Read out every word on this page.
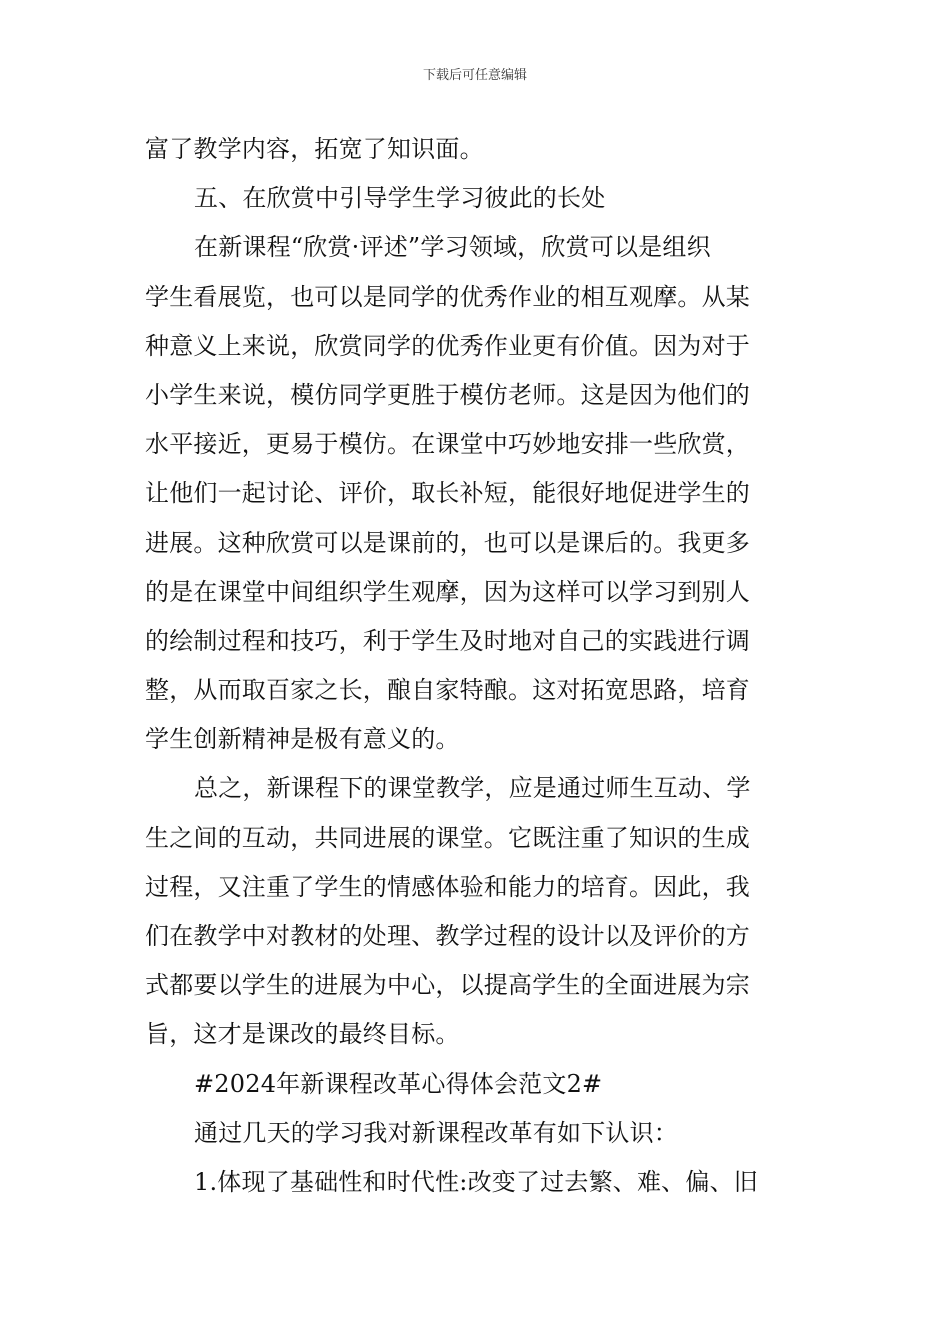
下载后可任意编辑
富了教学内容，拓宽了知识面。
五、在欣赏中引导学生学习彼此的长处
在新课程“欣赏·评述”学习领域，欣赏可以是组织
学生看展览，也可以是同学的优秀作业的相互观摩。从某
种意义上来说，欣赏同学的优秀作业更有价值。因为对于
小学生来说，模仿同学更胜于模仿老师。这是因为他们的
水平接近，更易于模仿。在课堂中巧妙地安排一些欣赏，
让他们一起讨论、评价，取长补短，能很好地促进学生的
进展。这种欣赏可以是课前的，也可以是课后的。我更多
的是在课堂中间组织学生观摩，因为这样可以学习到别人
的绘制过程和技巧，利于学生及时地对自己的实践进行调
整，从而取百家之长，酿自家特酿。这对拓宽思路，培育
学生创新精神是极有意义的。
总之，新课程下的课堂教学，应是通过师生互动、学
生之间的互动，共同进展的课堂。它既注重了知识的生成
过程，又注重了学生的情感体验和能力的培育。因此，我
们在教学中对教材的处理、教学过程的设计以及评价的方
式都要以学生的进展为中心，以提高学生的全面进展为宗
旨，这才是课改的最终目标。
#2024年新课程改革心得体会范文2#
通过几天的学习我对新课程改革有如下认识：
1.体现了基础性和时代性:改变了过去繁、难、偏、旧
